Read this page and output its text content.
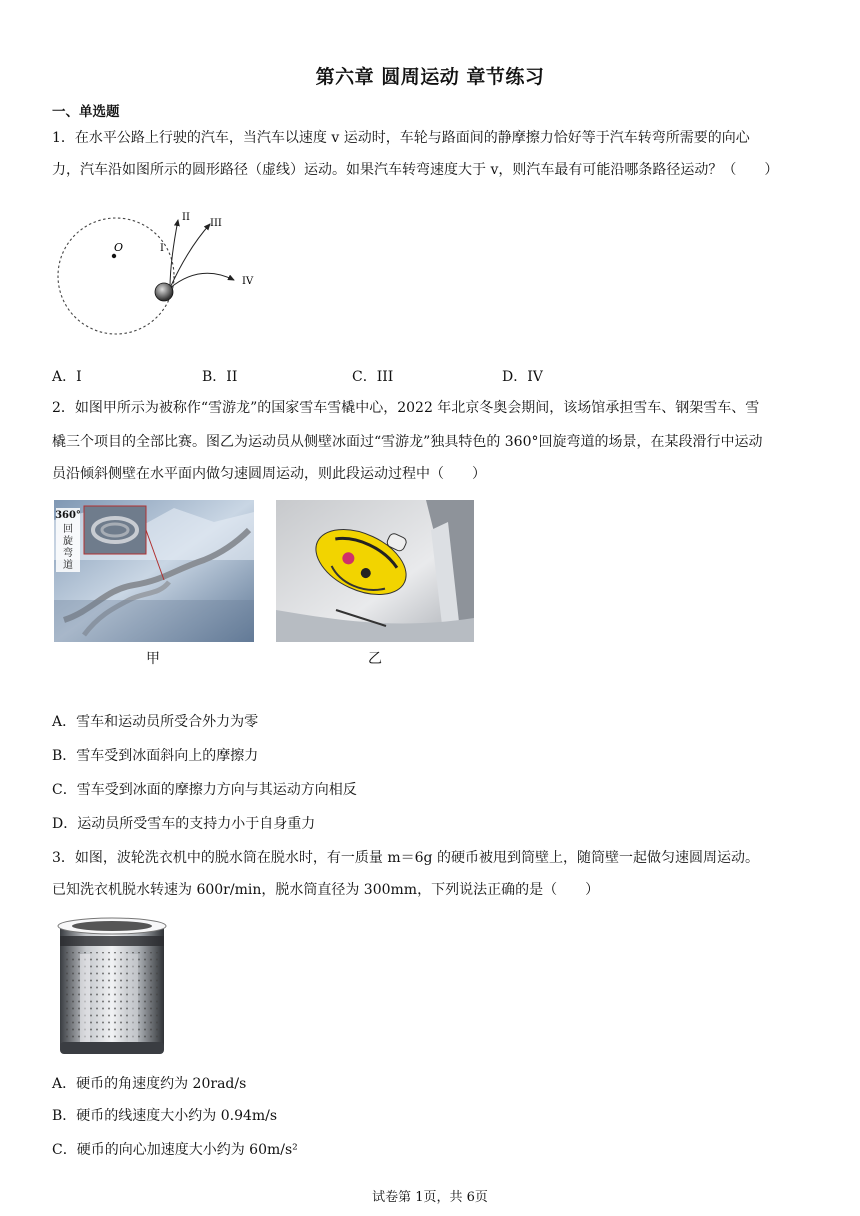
第六章 圆周运动 章节练习
一、单选题
1．在水平公路上行驶的汽车，当汽车以速度 v 运动时，车轮与路面间的静摩擦力恰好等于汽车转弯所需要的向心
力，汽车沿如图所示的圆形路径（虚线）运动。如果汽车转弯速度大于 v，则汽车最有可能沿哪条路径运动？（　　）
O	I
II
III
IV
A．I	B．II	C．III	D．IV
2．如图甲所示为被称作“雪游龙”的国家雪车雪橇中心，2022 年北京冬奥会期间，该场馆承担雪车、钢架雪车、雪
橇三个项目的全部比赛。图乙为运动员从侧壁冰面过“雪游龙”独具特色的 360°回旋弯道的场景，在某段滑行中运动
员沿倾斜侧壁在水平面内做匀速圆周运动，则此段运动过程中（　　）
360°
回
旋
弯
道
甲	乙
A．雪车和运动员所受合外力为零
B．雪车受到冰面斜向上的摩擦力
C．雪车受到冰面的摩擦力方向与其运动方向相反
D．运动员所受雪车的支持力小于自身重力
3．如图，波轮洗衣机中的脱水筒在脱水时，有一质量 m＝6g 的硬币被甩到筒壁上，随筒壁一起做匀速圆周运动。
已知洗衣机脱水转速为 600r/min，脱水筒直径为 300mm，下列说法正确的是（　　）
A．硬币的角速度约为 20rad/s
B．硬币的线速度大小约为 0.94m/s
C．硬币的向心加速度大小约为 60m/s²
试卷第 1页，共 6页
